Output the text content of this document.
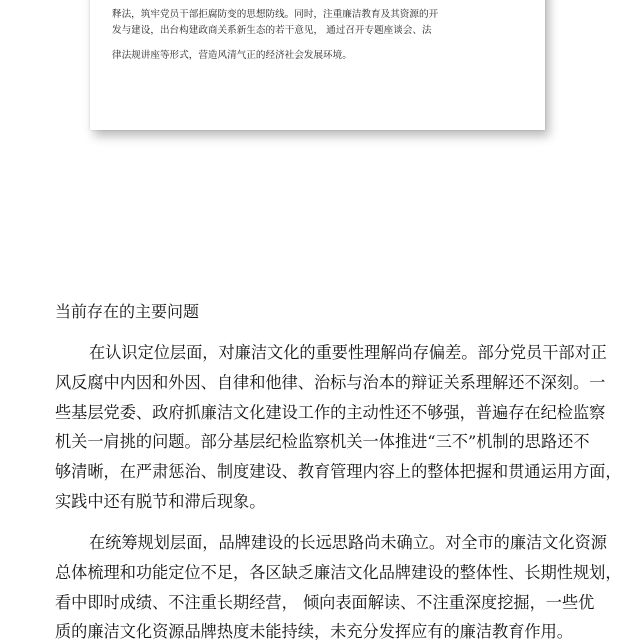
释法，筑牢党员干部拒腐防变的思想防线。同时，注重廉洁教育及其资源的开
发与建设，出台构建政商关系新生态的若干意见， 通过召开专题座谈会、法
律法规讲座等形式，营造风清气正的经济社会发展环境。
当前存在的主要问题
在认识定位层面，对廉洁文化的重要性理解尚存偏差。部分党员干部对正
风反腐中内因和外因、自律和他律、治标与治本的辩证关系理解还不深刻。一
些基层党委、政府抓廉洁文化建设工作的主动性还不够强，普遍存在纪检监察
机关一肩挑的问题。部分基层纪检监察机关一体推进“三不”机制的思路还不
够清晰，在严肃惩治、制度建设、教育管理内容上的整体把握和贯通运用方面，
实践中还有脱节和滞后现象。
在统筹规划层面，品牌建设的长远思路尚未确立。对全市的廉洁文化资源
总体梳理和功能定位不足，各区缺乏廉洁文化品牌建设的整体性、长期性规划，
看中即时成绩、不注重长期经营， 倾向表面解读、不注重深度挖掘，一些优
质的廉洁文化资源品牌热度未能持续，未充分发挥应有的廉洁教育作用。
